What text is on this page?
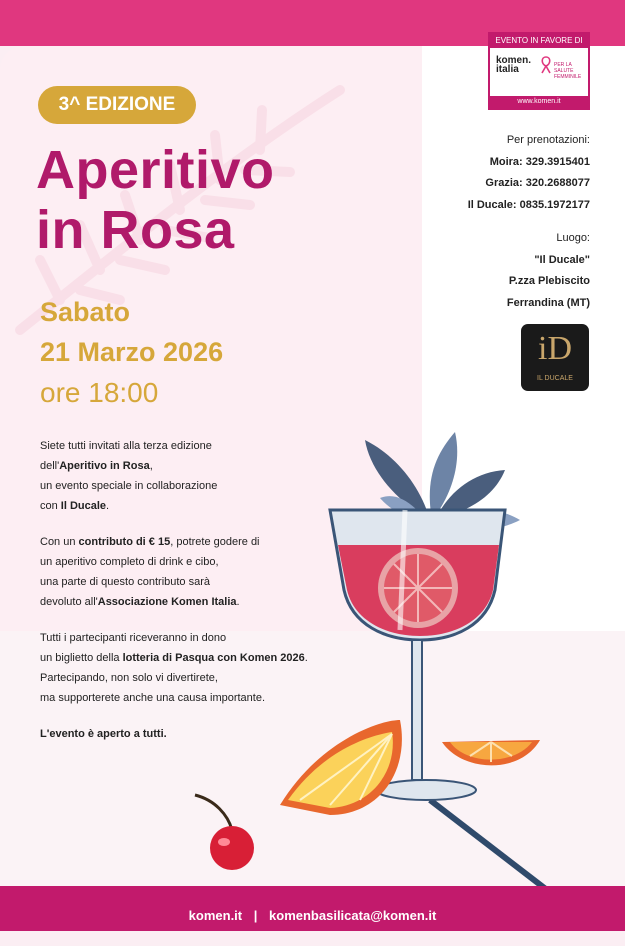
3^ EDIZIONE
Aperitivo
in Rosa
Sabato
21 Marzo 2026
ore 18:00

Siete tutti invitati alla terza edizione
dell'Aperitivo in Rosa,
un evento speciale in collaborazione
con Il Ducale.

Con un contributo di € 15, potrete godere di
un aperitivo completo di drink e cibo,
una parte di questo contributo sarà
devoluto all'Associazione Komen Italia.

Tutti i partecipanti riceveranno in dono
un biglietto della lotteria di Pasqua con Komen 2026.
Partecipando, non solo vi divertirete,
ma supporterete anche una causa importante.

L'evento è aperto a tutti.

EVENTO IN FAVORE DI
komen.
italia	PER LA SALUTE
FEMMINILE
www.komen.it
Per prenotazioni:
Moira: 329.3915401
Grazia: 320.2688077
Il Ducale: 0835.1972177
Luogo:
"Il Ducale"
P.zza Plebiscito
Ferrandina (MT)
iD
IL DUCALE
komen.it | komenbasilicata@komen.it
